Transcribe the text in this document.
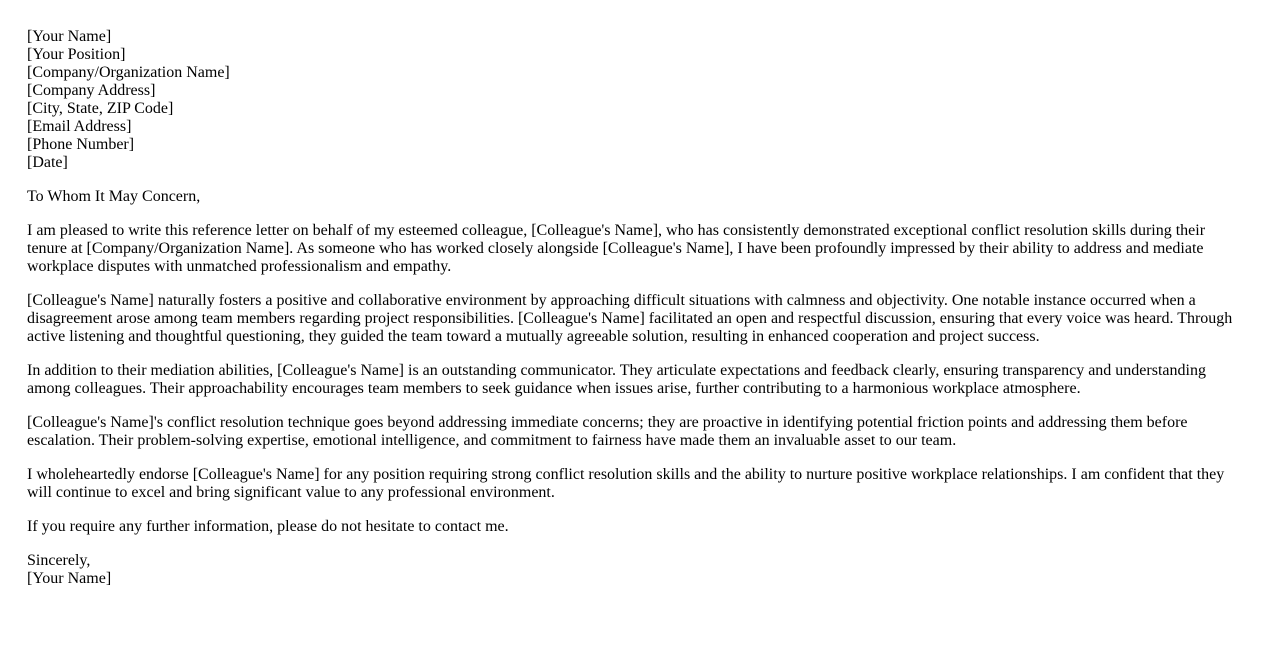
[Your Name]
[Your Position]
[Company/Organization Name]
[Company Address]
[City, State, ZIP Code]
[Email Address]
[Phone Number]
[Date]

To Whom It May Concern,

I am pleased to write this reference letter on behalf of my esteemed colleague, [Colleague's Name], who has consistently demonstrated exceptional conflict resolution skills during their tenure at [Company/Organization Name]. As someone who has worked closely alongside [Colleague's Name], I have been profoundly impressed by their ability to address and mediate workplace disputes with unmatched professionalism and empathy.

[Colleague's Name] naturally fosters a positive and collaborative environment by approaching difficult situations with calmness and objectivity. One notable instance occurred when a disagreement arose among team members regarding project responsibilities. [Colleague's Name] facilitated an open and respectful discussion, ensuring that every voice was heard. Through active listening and thoughtful questioning, they guided the team toward a mutually agreeable solution, resulting in enhanced cooperation and project success.

In addition to their mediation abilities, [Colleague's Name] is an outstanding communicator. They articulate expectations and feedback clearly, ensuring transparency and understanding among colleagues. Their approachability encourages team members to seek guidance when issues arise, further contributing to a harmonious workplace atmosphere.

[Colleague's Name]'s conflict resolution technique goes beyond addressing immediate concerns; they are proactive in identifying potential friction points and addressing them before escalation. Their problem-solving expertise, emotional intelligence, and commitment to fairness have made them an invaluable asset to our team.

I wholeheartedly endorse [Colleague's Name] for any position requiring strong conflict resolution skills and the ability to nurture positive workplace relationships. I am confident that they will continue to excel and bring significant value to any professional environment.

If you require any further information, please do not hesitate to contact me.

Sincerely,
[Your Name]
